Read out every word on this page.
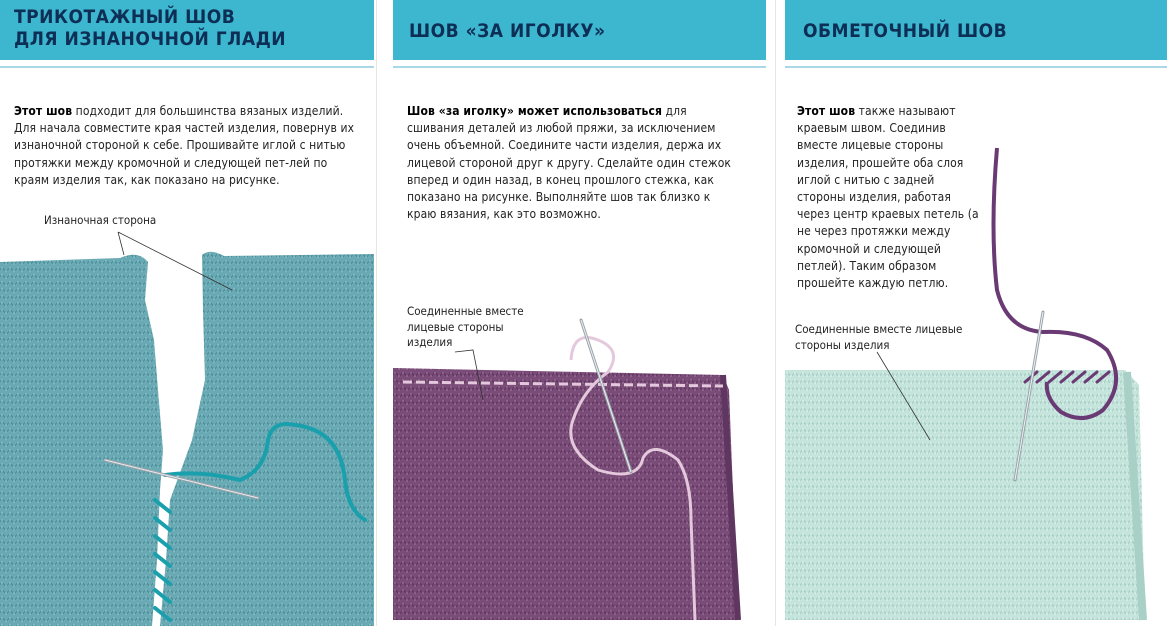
ТРИКОТАЖНЫЙ ШОВ
ДЛЯ ИЗНАНОЧНОЙ ГЛАДИ
Этот шов подходит для большинства вязаных изделий. Для начала совместите края частей изделия, повернув их изнаночной стороной к себе. Прошивайте иглой с нитью протяжки между кромочной и следующей пет-лей по краям изделия так, как показано на рисунке.
Изнаночная сторона
ШОВ «ЗА ИГОЛКУ»
Шов «за иголку» может использоваться для сшивания деталей из любой пряжи, за исключением очень объемной. Соедините части изделия, держа их лицевой стороной друг к другу. Сделайте один стежок вперед и один назад, в конец прошлого стежка, как показано на рисунке. Выполняйте шов так близко к краю вязания, как это возможно.
Соединенные вместе лицевые стороны изделия
ОБМЕТОЧНЫЙ ШОВ
Этот шов также называют краевым швом. Соединив вместе лицевые стороны изделия, прошейте оба слоя иглой с нитью с задней стороны изделия, работая через центр краевых петель (а не через протяжки между кромочной и следующей петлей). Таким образом прошейте каждую петлю.
Соединенные вместе лицевые стороны изделия
